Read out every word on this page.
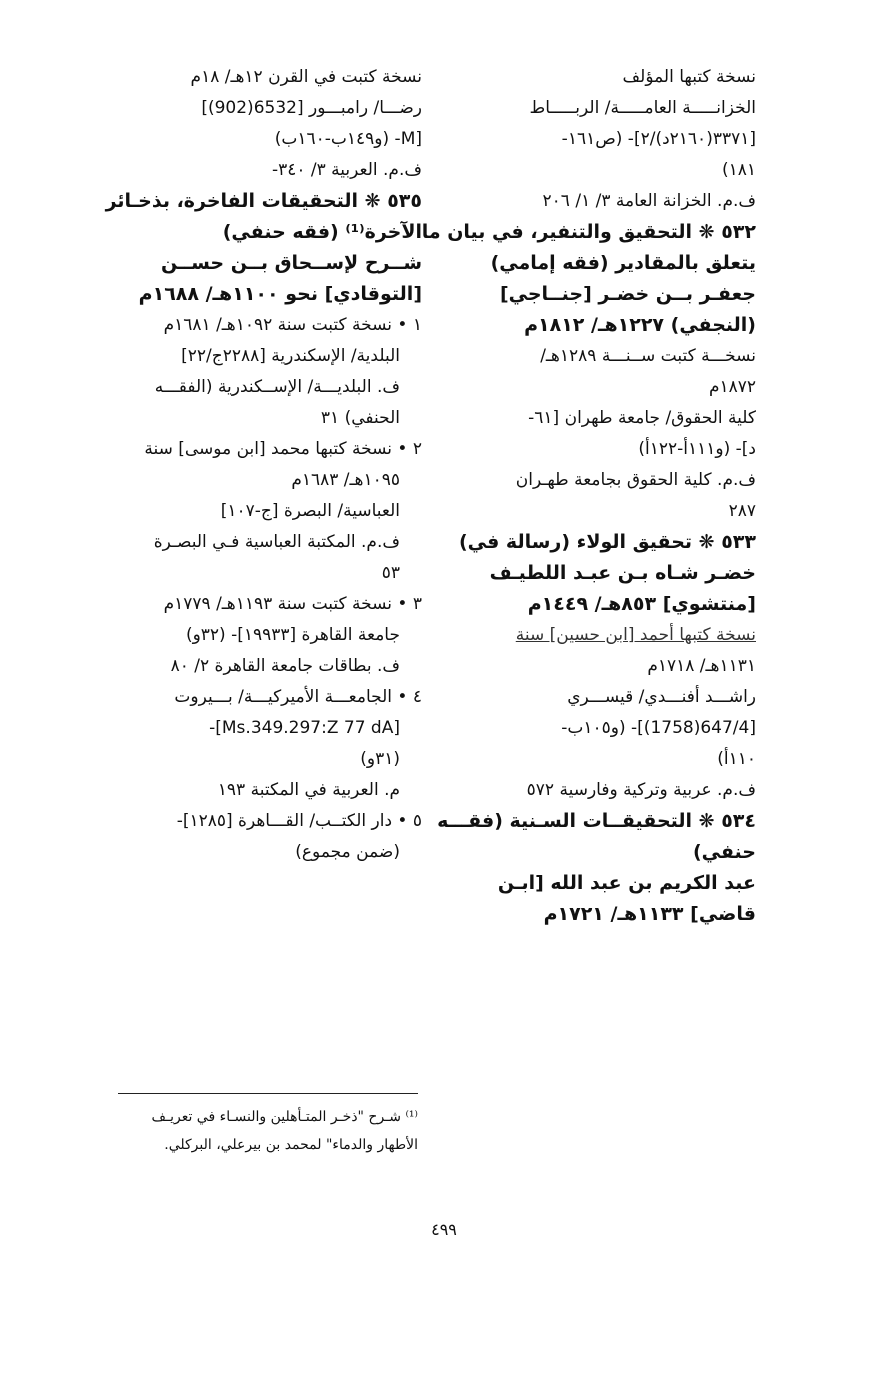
نسخة كتبها المؤلف
الخزانـــــة العامـــــة/ الربـــــاط
[٣٣٧١(٢١٦٠د)/٢]- (ص١٦١-
١٨١)
ف.م. الخزانة العامة ٣/ ١/ ٢٠٦
٥٣٢ ❋ التحقيق والتنفير، في بيان ما
يتعلق بالمقادير (فقه إمامي)
جعفـر بــن خضـر [جنــاجي]
(النجفي) ١٢٢٧هـ/ ١٨١٢م
نسخـــة كتبت ســنـــة ١٢٨٩هـ/
١٨٧٢م
كلية الحقوق/ جامعة طهران [٦١-
د]- (و١١١أ-١٢٢أ)
ف.م. كلية الحقوق بجامعة طهـران
٢٨٧
٥٣٣ ❋ تحقيق الولاء (رسالة في)
خضـر شـاه بـن عبـد اللطيـف
[منتشوي] ٨٥٣هـ/ ١٤٤٩م
نسخة كتبها أحمد [ابن حسين] سنة
١١٣١هـ/ ١٧١٨م
راشـــد أفنـــدي/ قيســـري
[647/4(1758)]- (و١٠٥ب-
١١٠أ)
ف.م. عربية وتركية وفارسية ٥٧٢
٥٣٤ ❋ التحقيقــات السـنية (فقـــه
حنفي)
عبد الكريم بن عبد الله [ابـن
قاضي] ١١٣٣هـ/ ١٧٢١م
نسخة كتبت في القرن ١٢هـ/ ١٨م
رضـــا/ رامبـــور [6532(902)]
[M- (و١٤٩ب-١٦٠ب)
ف.م. العربية ٣/ ٣٤٠-
٥٣٥ ❋ التحقيقات الفاخرة، بذخـائر
الآخرة⁽¹⁾ (فقه حنفي)
شــرح لإســحاق بــن حســن
[التوقادي] نحو ١١٠٠هـ/ ١٦٨٨م
١ • نسخة كتبت سنة ١٠٩٢هـ/ ١٦٨١م
البلدية/ الإسكندرية [٢٢٨٨ج/٢٢]
ف. البلديـــة/ الإســكندرية (الفقـــه
الحنفي) ٣١
٢ • نسخة كتبها محمد [ابن موسى] سنة
١٠٩٥هـ/ ١٦٨٣م
العباسية/ البصرة [ج-١٠٧]
ف.م. المكتبة العباسية فـي البصـرة
٥٣
٣ • نسخة كتبت سنة ١١٩٣هـ/ ١٧٧٩م
جامعة القاهرة [١٩٩٣٣]- (٣٢و)
ف. بطاقات جامعة القاهرة ٢/ ٨٠
٤ • الجامعـــة الأميركيـــة/ بـــيروت
[Ms.349.297:Z 77 dA]-
(٣١و)
م. العربية في المكتبة ١٩٣
٥ • دار الكتــب/ القـــاهرة [١٢٨٥]-
(ضمن مجموع)
⁽¹⁾ شـرح "ذخـر المتـأهلين والنسـاء في تعريـف
الأطهار والدماء" لمحمد بن بيرعلي، البركلي.
٤٩٩
